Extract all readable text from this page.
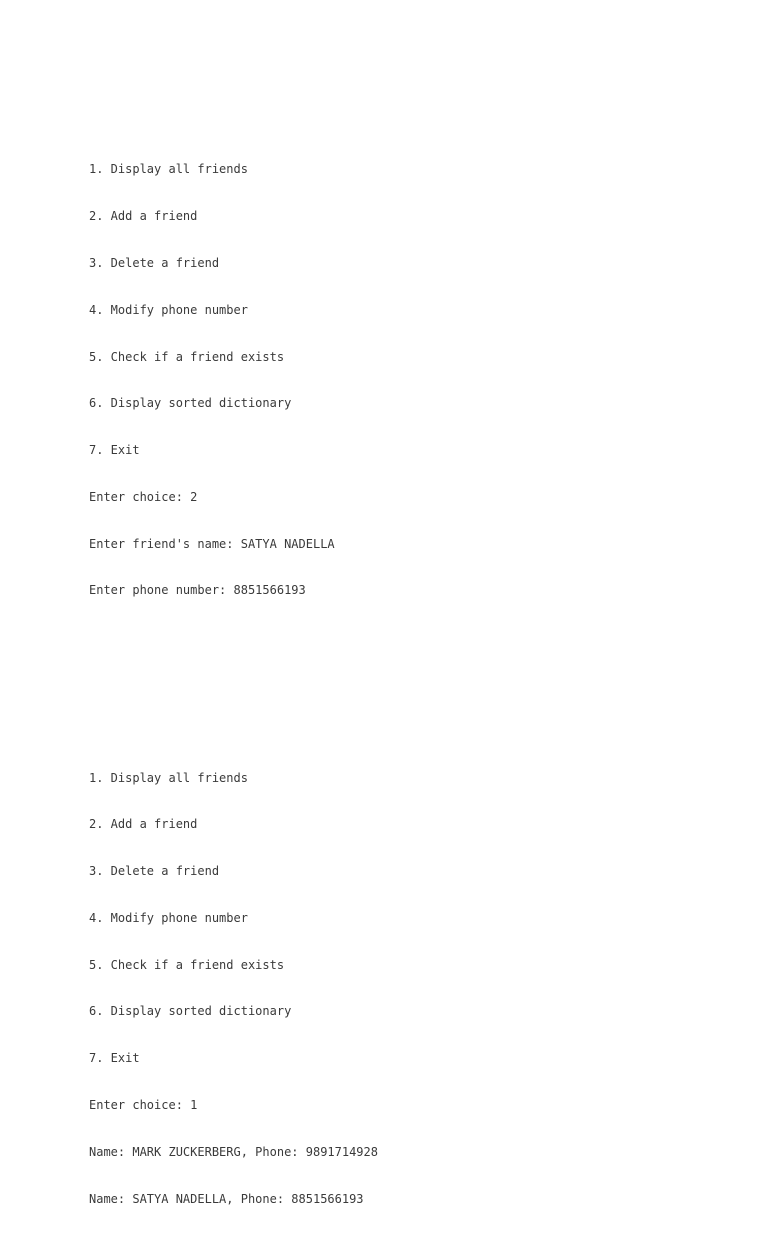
1. Display all friends

2. Add a friend

3. Delete a friend

4. Modify phone number

5. Check if a friend exists

6. Display sorted dictionary

7. Exit

Enter choice: 2

Enter friend's name: SATYA NADELLA

Enter phone number: 8851566193

1. Display all friends

2. Add a friend

3. Delete a friend

4. Modify phone number

5. Check if a friend exists

6. Display sorted dictionary

7. Exit

Enter choice: 1

Name: MARK ZUCKERBERG, Phone: 9891714928

Name: SATYA NADELLA, Phone: 8851566193
